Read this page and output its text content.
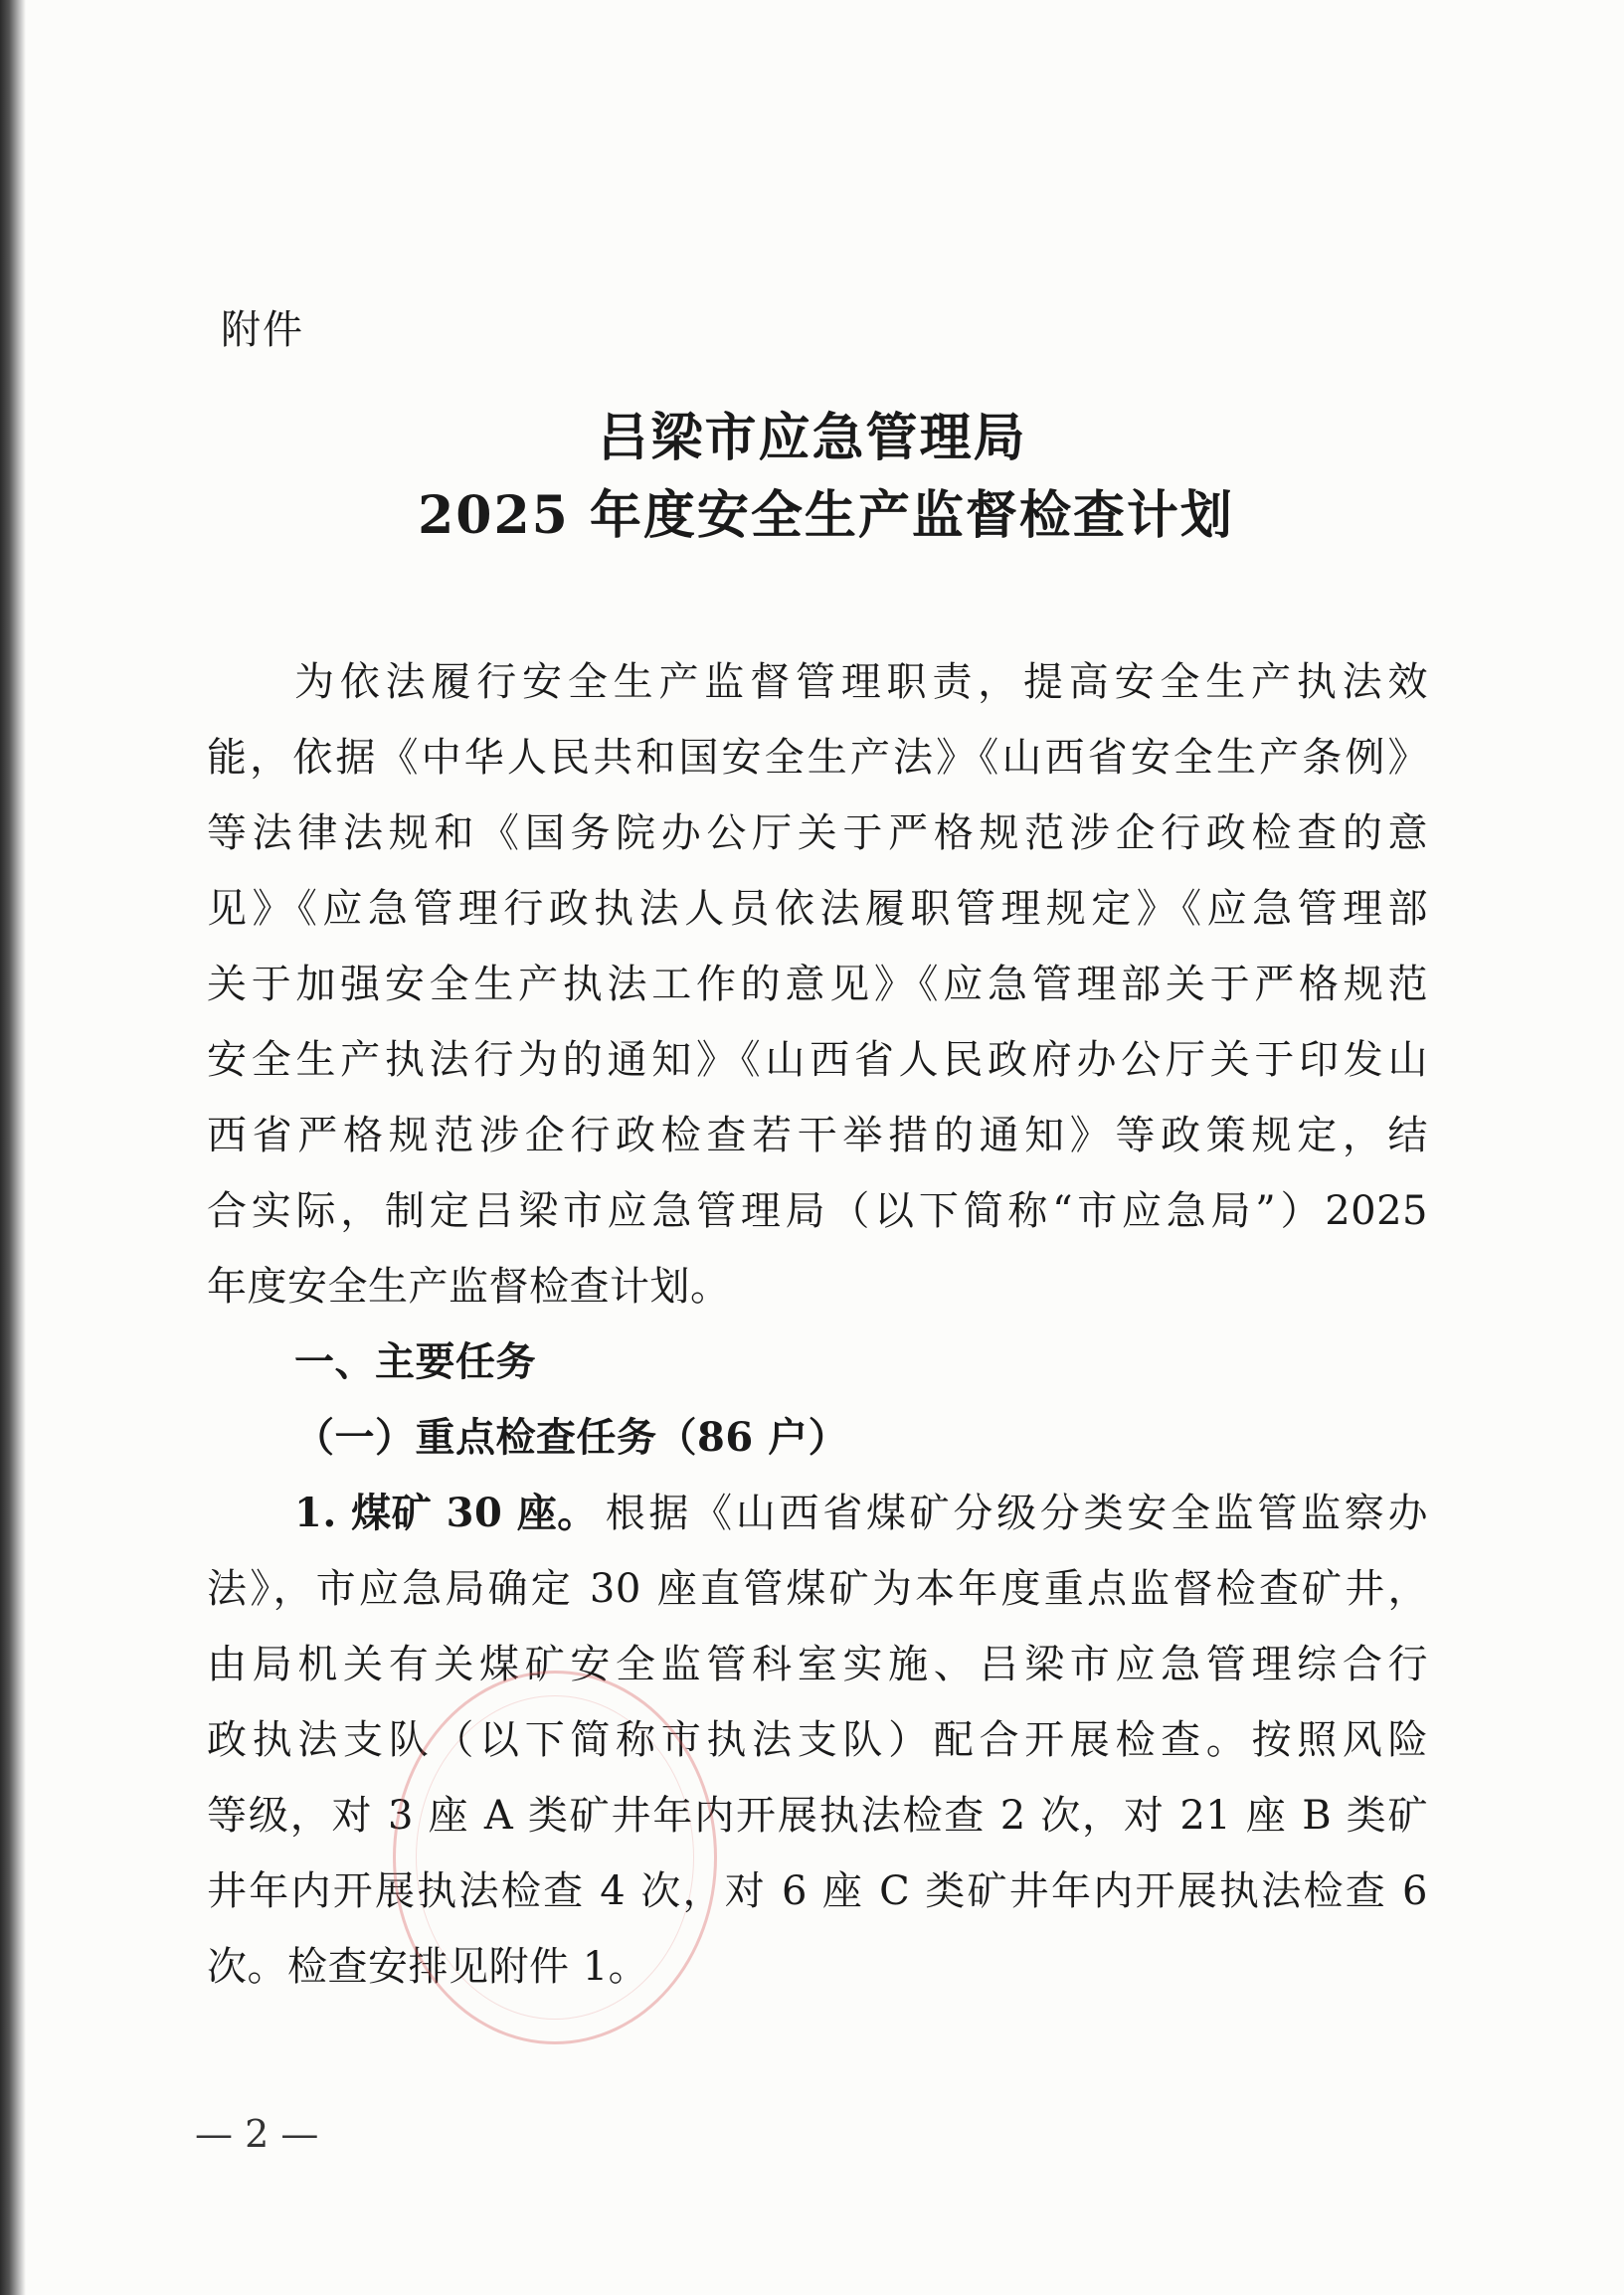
附件
吕梁市应急管理局
2025 年度安全生产监督检查计划
为依法履行安全生产监督管理职责，提高安全生产执法效
能，依据《中华人民共和国安全生产法》《山西省安全生产条例》
等法律法规和《国务院办公厅关于严格规范涉企行政检查的意
见》《应急管理行政执法人员依法履职管理规定》《应急管理部
关于加强安全生产执法工作的意见》《应急管理部关于严格规范
安全生产执法行为的通知》《山西省人民政府办公厅关于印发山
西省严格规范涉企行政检查若干举措的通知》等政策规定，结
合实际，制定吕梁市应急管理局（以下简称“市应急局”）2025
年度安全生产监督检查计划。
一、主要任务
（一）重点检查任务（86 户）
1. 煤矿 30 座。 根据《山西省煤矿分级分类安全监管监察办
法》，市应急局确定 30 座直管煤矿为本年度重点监督检查矿井，
由局机关有关煤矿安全监管科室实施、吕梁市应急管理综合行
政执法支队（以下简称市执法支队）配合开展检查。按照风险
等级，对 3 座 A 类矿井年内开展执法检查 2 次，对 21 座 B 类矿
井年内开展执法检查 4 次，对 6 座 C 类矿井年内开展执法检查 6
次。检查安排见附件 1。
— 2 —
